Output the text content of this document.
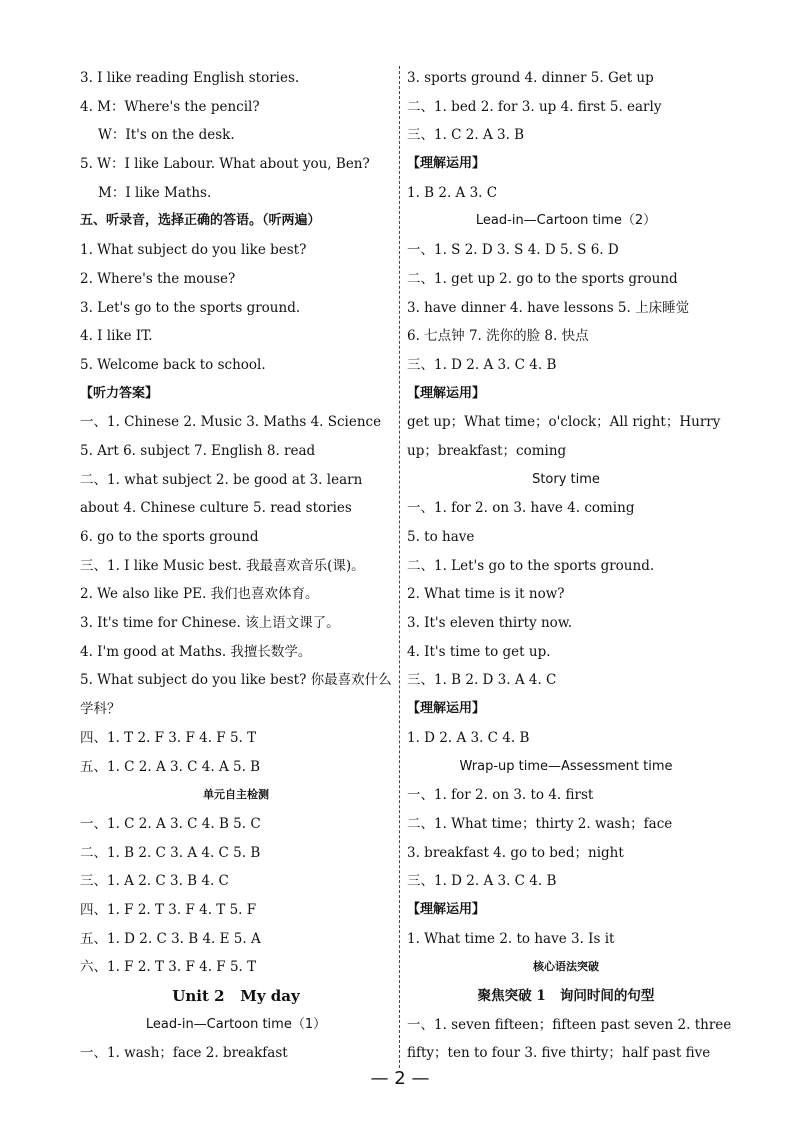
3. I like reading English stories.
4. M：Where's the pencil?
W：It's on the desk.
5. W：I like Labour. What about you, Ben?
M：I like Maths.
五、听录音，选择正确的答语。（听两遍）
1. What subject do you like best?
2. Where's the mouse?
3. Let's go to the sports ground.
4. I like IT.
5. Welcome back to school.
【听力答案】
一、1. Chinese 2. Music 3. Maths 4. Science
5. Art 6. subject 7. English 8. read
二、1. what subject 2. be good at 3. learn
about 4. Chinese culture 5. read stories
6. go to the sports ground
三、1. I like Music best. 我最喜欢音乐(课)。
2. We also like PE. 我们也喜欢体育。
3. It's time for Chinese. 该上语文课了。
4. I'm good at Maths. 我擅长数学。
5. What subject do you like best? 你最喜欢什么
学科？
四、1. T 2. F 3. F 4. F 5. T
五、1. C 2. A 3. C 4. A 5. B
单元自主检测
一、1. C 2. A 3. C 4. B 5. C
二、1. B 2. C 3. A 4. C 5. B
三、1. A 2. C 3. B 4. C
四、1. F 2. T 3. F 4. T 5. F
五、1. D 2. C 3. B 4. E 5. A
六、1. F 2. T 3. F 4. F 5. T
Unit 2   My day
Lead-in—Cartoon time（1）
一、1. wash；face 2. breakfast
3. sports ground 4. dinner 5. Get up
二、1. bed 2. for 3. up 4. first 5. early
三、1. C 2. A 3. B
【理解运用】
1. B 2. A 3. C
Lead-in—Cartoon time（2）
一、1. S 2. D 3. S 4. D 5. S 6. D
二、1. get up 2. go to the sports ground
3. have dinner 4. have lessons 5. 上床睡觉
6. 七点钟 7. 洗你的脸 8. 快点
三、1. D 2. A 3. C 4. B
【理解运用】
get up；What time；o'clock；All right；Hurry
up；breakfast；coming
Story time
一、1. for 2. on 3. have 4. coming
5. to have
二、1. Let's go to the sports ground.
2. What time is it now?
3. It's eleven thirty now.
4. It's time to get up.
三、1. B 2. D 3. A 4. C
【理解运用】
1. D 2. A 3. C 4. B
Wrap-up time—Assessment time
一、1. for 2. on 3. to 4. first
二、1. What time；thirty 2. wash；face
3. breakfast 4. go to bed；night
三、1. D 2. A 3. C 4. B
【理解运用】
1. What time 2. to have 3. Is it
核心语法突破
聚焦突破 1   询问时间的句型
一、1. seven fifteen；fifteen past seven 2. three
fifty；ten to four 3. five thirty；half past five
— 2 —
